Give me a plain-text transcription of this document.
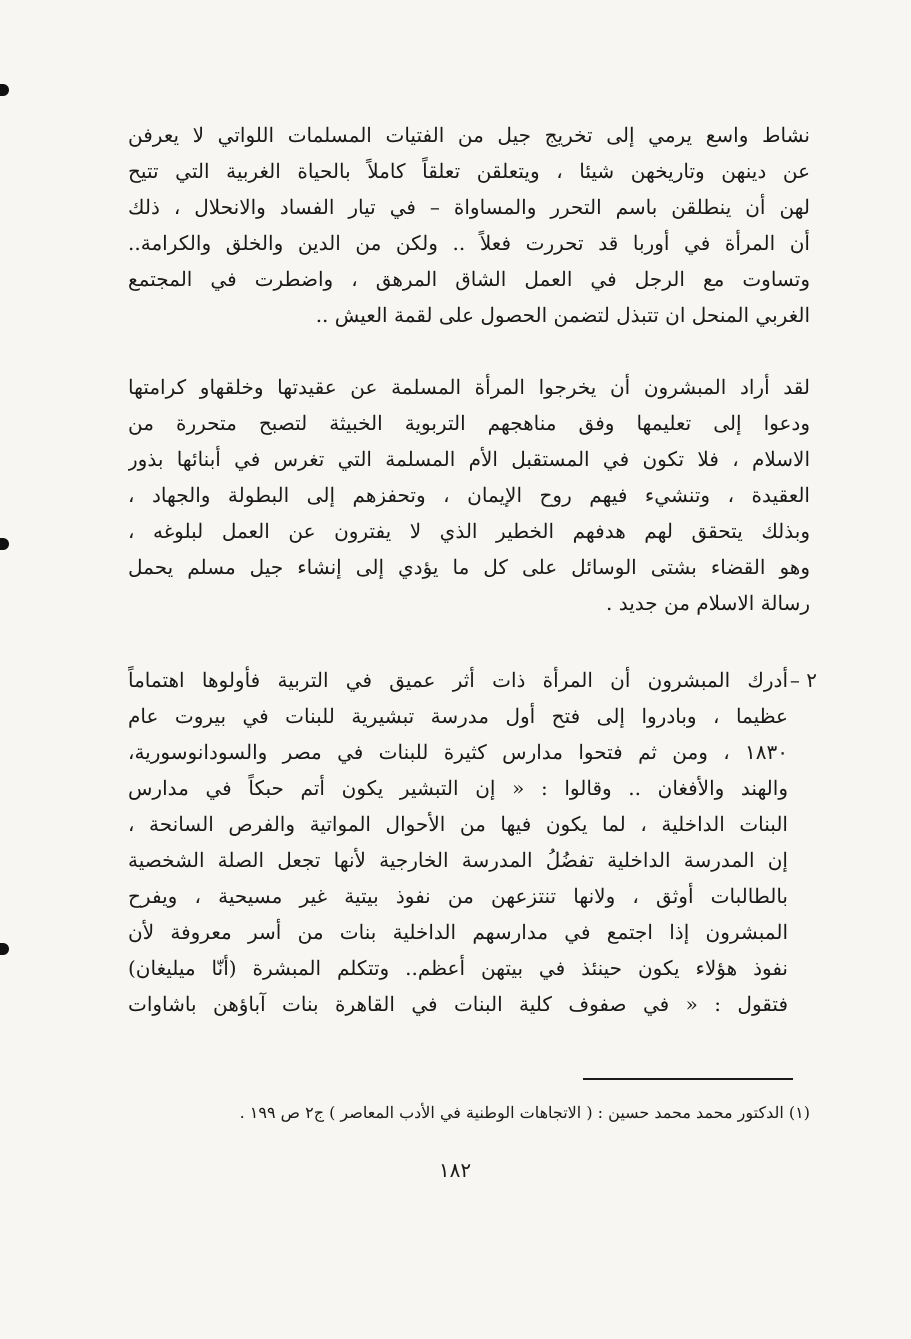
نشاط واسع يرمي إلى تخريج جيل من الفتيات المسلمات اللواتي لا يعرفن
عن دينهن وتاريخهن شيئا ، ويتعلقن تعلقاً كاملاً بالحياة الغربية التي تتيح
لهن أن ينطلقن باسم التحرر والمساواة – في تيار الفساد والانحلال ، ذلك
أن المرأة في أوربا قد تحررت فعلاً .. ولكن من الدين والخلق والكرامة..
وتساوت مع الرجل في العمل الشاق المرهق ، واضطرت في المجتمع
الغربي المنحل ان تتبذل لتضمن الحصول على لقمة العيش ..
لقد أراد المبشرون أن يخرجوا المرأة المسلمة عن عقيدتها وخلقهاو كرامتها
ودعوا إلى تعليمها وفق مناهجهم التربوية الخبيثة لتصبح متحررة من
الاسلام ، فلا تكون في المستقبل الأم المسلمة التي تغرس في أبنائها بذور
العقيدة ، وتنشيء فيهم روح الإيمان ، وتحفزهم إلى البطولة والجهاد ،
وبذلك يتحقق لهم هدفهم الخطير الذي لا يفترون عن العمل لبلوغه ،
وهو القضاء بشتى الوسائل على كل ما يؤدي إلى إنشاء جيل مسلم يحمل
رسالة الاسلام من جديد .
٢ –
أدرك المبشرون أن المرأة ذات أثر عميق في التربية فأولوها اهتماماً
عظيما ، وبادروا إلى فتح أول مدرسة تبشيرية للبنات في بيروت عام
١٨٣٠ ، ومن ثم فتحوا مدارس كثيرة للبنات في مصر والسودانوسورية،
والهند والأفغان .. وقالوا : « إن التبشير يكون أتم حبكاً في مدارس
البنات الداخلية ، لما يكون فيها من الأحوال المواتية والفرص السانحة ،
إن المدرسة الداخلية تفضُلُ المدرسة الخارجية لأنها تجعل الصلة الشخصية
بالطالبات أوثق ، ولانها تنتزعهن من نفوذ بيتية غير مسيحية ، ويفرح
المبشرون إذا اجتمع في مدارسهم الداخلية بنات من أسر معروفة لأن
نفوذ هؤلاء يكون حينئذ في بيتهن أعظم.. وتتكلم المبشرة (أنّا ميليغان)
فتقول : « في صفوف كلية البنات في القاهرة بنات آباؤهن باشاوات
(١) الدكتور محمد محمد حسين : ( الاتجاهات الوطنية في الأدب المعاصر ) ج٢ ص ١٩٩ .
١٨٢
